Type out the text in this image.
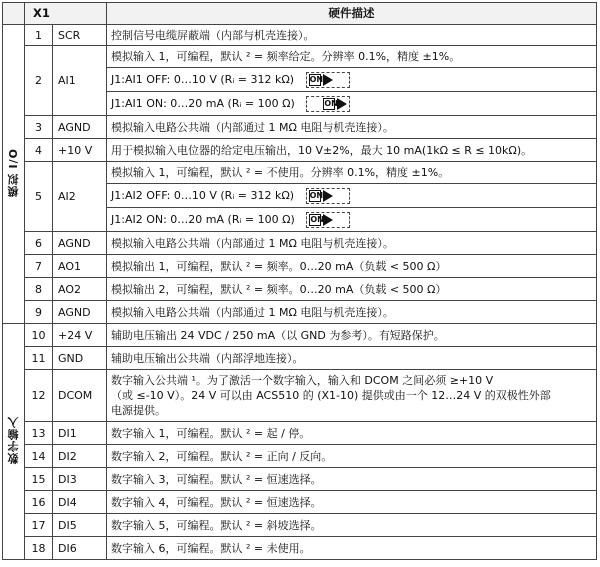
	X1		硬件描述
模拟 I/O	1	SCR	控制信号电缆屏蔽端（内部与机壳连接）。
	2	AI1	模拟输入 1，可编程，默认 ² = 频率给定。分辨率 0.1%，精度 ±1%。
			J1:AI1 OFF: 0…10 V (Rᵢ = 312 kΩ) ON

			J1:AI1 ON: 0…20 mA (Rᵢ = 100 Ω) ON

	3	AGND	模拟输入电路公共端（内部通过 1 MΩ 电阻与机壳连接）。
	4	+10 V	用于模拟输入电位器的给定电压输出，10 V±2%，最大 10 mA(1kΩ ≤ R ≤ 10kΩ)。
	5	AI2	模拟输入 1，可编程，默认 ² = 不使用。分辨率 0.1%，精度 ±1%。
			J1:AI2 OFF: 0…10 V (Rᵢ = 312 kΩ) ON

			J1:AI2 ON: 0…20 mA (Rᵢ = 100 Ω) ON

	6	AGND	模拟输入电路公共端（内部通过 1 MΩ 电阻与机壳连接）。
	7	AO1	模拟输出 1，可编程，默认 ² = 频率。0…20 mA（负载 < 500 Ω）
	8	AO2	模拟输出 2，可编程，默认 ² = 频率。0…20 mA（负载 < 500 Ω）
	9	AGND	模拟输入电路公共端（内部通过 1 MΩ 电阻与机壳连接）。
数字输入	10	+24 V	辅助电压输出 24 VDC / 250 mA（以 GND 为参考）。有短路保护。
	11	GND	辅助电压输出公共端（内部浮地连接）。
	12	DCOM	数字输入公共端 ¹。为了激活一个数字输入，输入和 DCOM 之间必须 ≥+10 V
（或 ≤-10 V）。24 V 可以由 ACS510 的 (X1-10) 提供或由一个 12…24 V 的双极性外部
电源提供。

	13	DI1	数字输入 1，可编程。默认 ² = 起 / 停。
	14	DI2	数字输入 2，可编程。默认 ² = 正向 / 反向。
	15	DI3	数字输入 3，可编程。默认 ² = 恒速选择。
	16	DI4	数字输入 4，可编程。默认 ² = 恒速选择。
	17	DI5	数字输入 5，可编程。默认 ² = 斜坡选择。
	18	DI6	数字输入 6，可编程。默认 ² = 未使用。
